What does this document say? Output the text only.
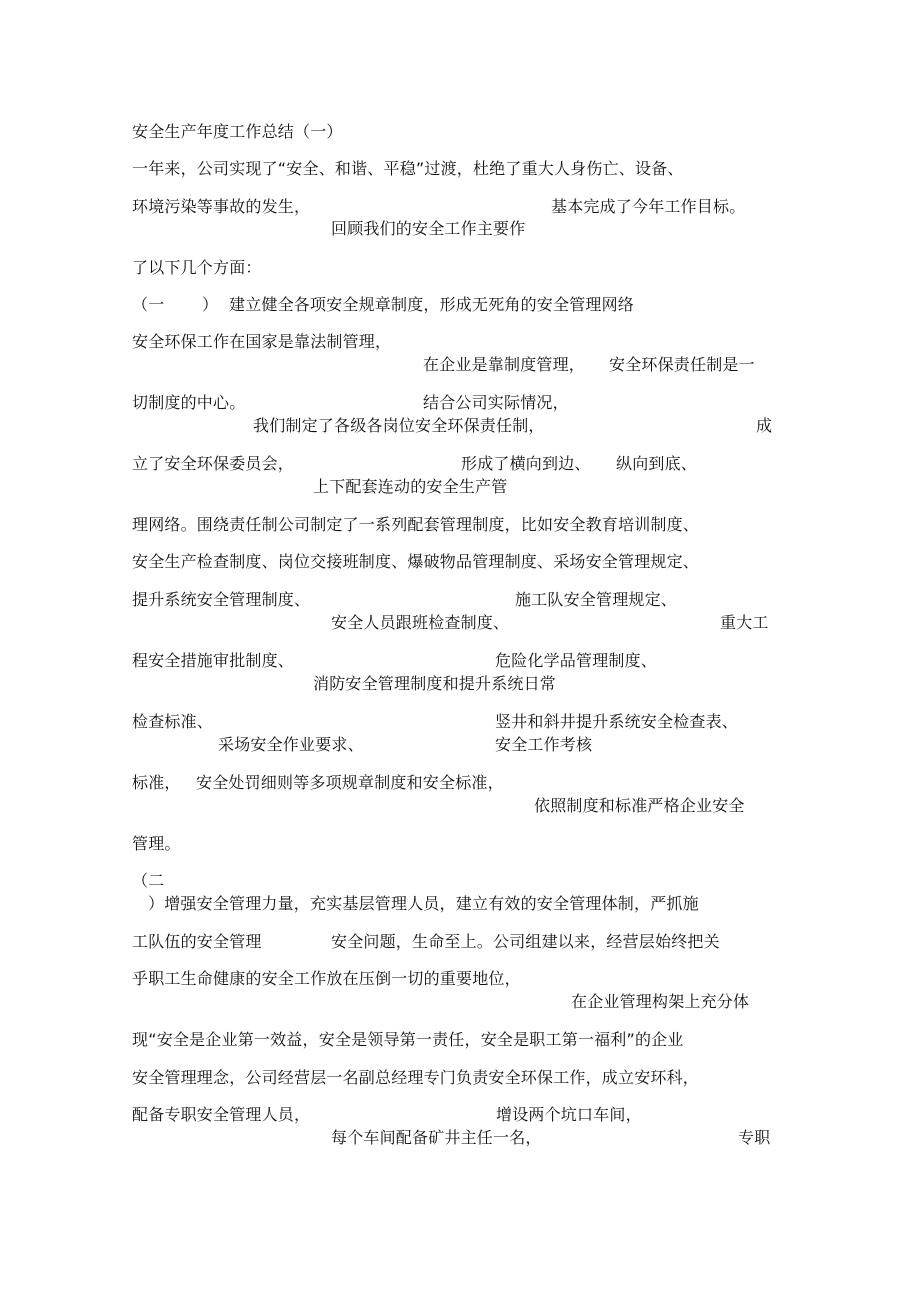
安全生产年度工作总结（一）
一年来，公司实现了“安全、和谐、平稳”过渡，杜绝了重大人身伤亡、设备、
环境污染等事故的发生，	基本完成了今年工作目标。
回顾我们的安全工作主要作
了以下几个方面：
（一 ） 建立健全各项安全规章制度，形成无死角的安全管理网络
安全环保工作在国家是靠法制管理，
在企业是靠制度管理， 安全环保责任制是一
切制度的中心。	结合公司实际情况，
我们制定了各级各岗位安全环保责任制，	成
立了安全环保委员会，	形成了横向到边、 纵向到底、
上下配套连动的安全生产管
理网络。围绕责任制公司制定了一系列配套管理制度，比如安全教育培训制度、
安全生产检查制度、岗位交接班制度、爆破物品管理制度、采场安全管理规定、
提升系统安全管理制度、	施工队安全管理规定、
安全人员跟班检查制度、	重大工
程安全措施审批制度、	危险化学品管理制度、
消防安全管理制度和提升系统日常
检查标准、	竖井和斜井提升系统安全检查表、
采场安全作业要求、	安全工作考核
标准， 安全处罚细则等多项规章制度和安全标准，
依照制度和标准严格企业安全
管理。
（二
）增强安全管理力量，充实基层管理人员，建立有效的安全管理体制，严抓施
工队伍的安全管理	安全问题，生命至上。公司组建以来，经营层始终把关
乎职工生命健康的安全工作放在压倒一切的重要地位，
在企业管理构架上充分体
现“安全是企业第一效益，安全是领导第一责任，安全是职工第一福利”的企业
安全管理理念，公司经营层一名副总经理专门负责安全环保工作，成立安环科，
配备专职安全管理人员，	增设两个坑口车间，
每个车间配备矿井主任一名，	专职
